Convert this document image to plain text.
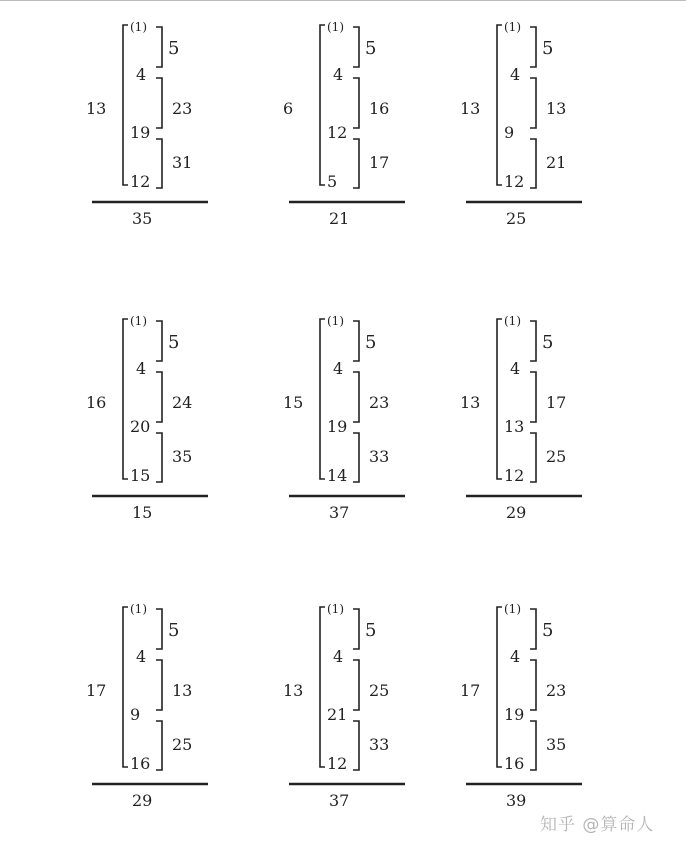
(1)
5
13
4
19
12
23
31
35
(1)
5
6
4
12
5
16
17
21
(1)
5
13
4
9
12
13
21
25
(1)
5
16
4
20
15
24
35
15
(1)
5
15
4
19
14
23
33
37
(1)
5
13
4
13
12
17
25
29
(1)
5
17
4
9
16
13
25
29
(1)
5
13
4
21
12
25
33
37
(1)
5
17
4
19
16
23
35
39
知乎 @算命人
